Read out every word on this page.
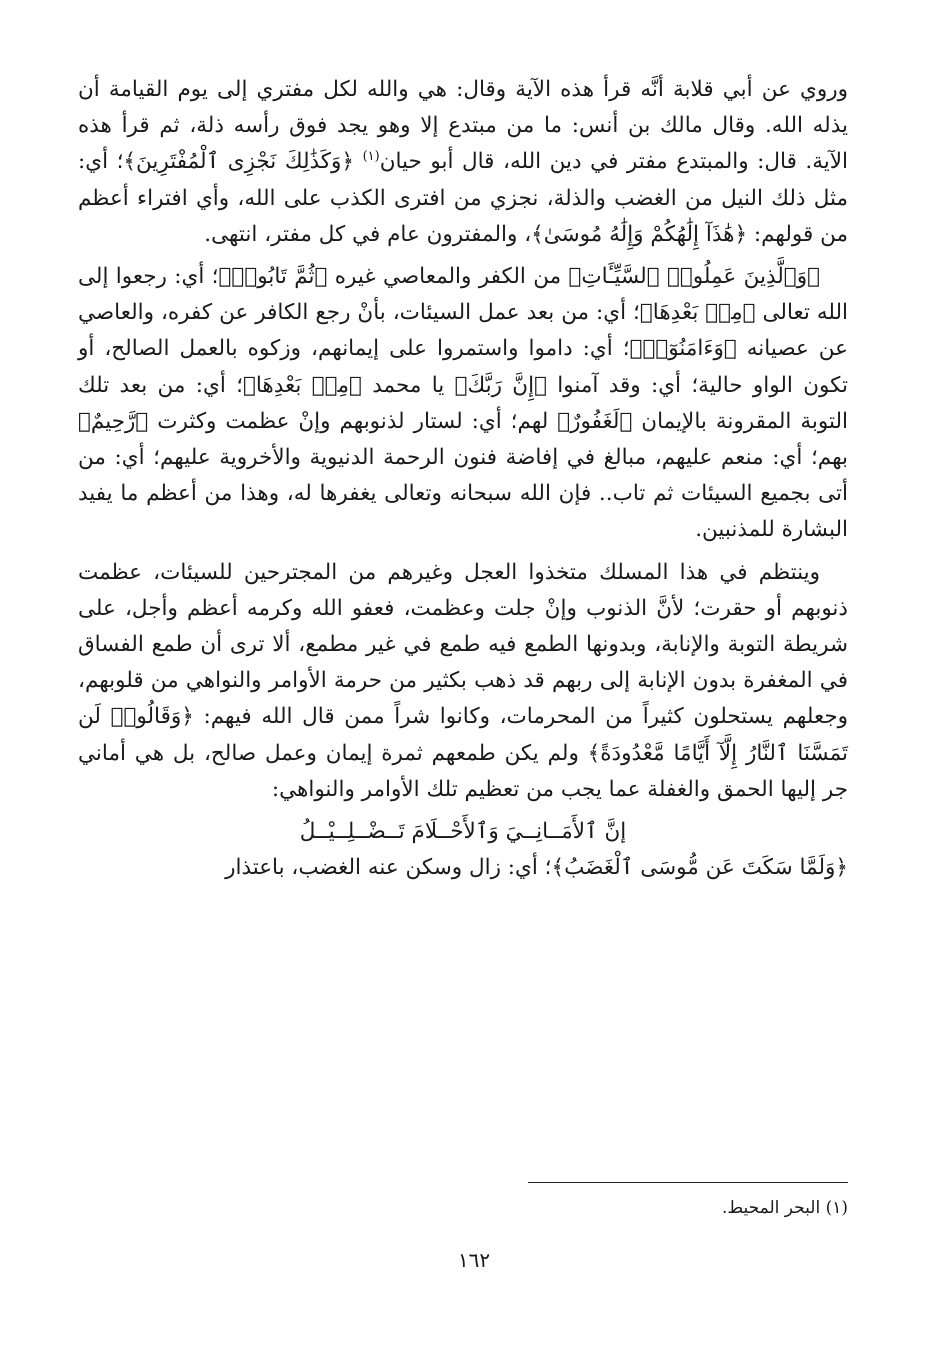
وروي عن أبي قلابة أنَّه قرأ هذه الآية وقال: هي والله لكل مفتري إلى يوم القيامة أن يذله الله. وقال مالك بن أنس: ما من مبتدع إلا وهو يجد فوق رأسه ذلة، ثم قرأ هذه الآية. قال: والمبتدع مفتر في دين الله، قال أبو حيان$^{(١)}$ ﴿وَكَذَٰلِكَ نَجْزِى ٱلْمُفْتَرِينَ﴾؛ أي: مثل ذلك النيل من الغضب والذلة، نجزي من افترى الكذب على الله، وأي افتراء أعظم من قولهم: ﴿هَٰذَآ إِلَٰهُكُمْ وَإِلَٰهُ مُوسَىٰ﴾، والمفترون عام في كل مفتر، انتهى.

﴿وَٱلَّذِينَ عَمِلُوا۟ ٱلسَّيِّـَٔاتِ﴾ من الكفر والمعاصي غيره ﴿ثُمَّ تَابُوا۟﴾؛ أي: رجعوا إلى الله تعالى ﴿مِنۢ بَعْدِهَا﴾؛ أي: من بعد عمل السيئات، بأنْ رجع الكافر عن كفره، والعاصي عن عصيانه ﴿وَءَامَنُوٓا۟﴾؛ أي: داموا واستمروا على إيمانهم، وزكوه بالعمل الصالح، أو تكون الواو حالية؛ أي: وقد آمنوا ﴿إِنَّ رَبَّكَ﴾ يا محمد ﴿مِنۢ بَعْدِهَا﴾؛ أي: من بعد تلك التوبة المقرونة بالإيمان ﴿لَغَفُورٌ﴾ لهم؛ أي: لستار لذنوبهم وإنْ عظمت وكثرت ﴿رَّحِيمٌ﴾ بهم؛ أي: منعم عليهم، مبالغ في إفاضة فنون الرحمة الدنيوية والأخروية عليهم؛ أي: من أتى بجميع السيئات ثم تاب.. فإن الله سبحانه وتعالى يغفرها له، وهذا من أعظم ما يفيد البشارة للمذنبين.

وينتظم في هذا المسلك متخذوا العجل وغيرهم من المجترحين للسيئات، عظمت ذنوبهم أو حقرت؛ لأنَّ الذنوب وإنْ جلت وعظمت، فعفو الله وكرمه أعظم وأجل، على شريطة التوبة والإنابة، وبدونها الطمع فيه طمع في غير مطمع، ألا ترى أن طمع الفساق في المغفرة بدون الإنابة إلى ربهم قد ذهب بكثير من حرمة الأوامر والنواهي من قلوبهم، وجعلهم يستحلون كثيراً من المحرمات، وكانوا شراً ممن قال الله فيهم: ﴿وَقَالُوا۟ لَن تَمَسَّنَا ٱلنَّارُ إِلَّآ أَيَّامًا مَّعْدُودَةً﴾ ولم يكن طمعهم ثمرة إيمان وعمل صالح، بل هي أماني جر إليها الحمق والغفلة عما يجب من تعظيم تلك الأوامر والنواهي:

إنَّ ٱلأَمَــانِــيَ وَٱلأَحْــلَامَ تَــضْــلِــيْــلُ

﴿وَلَمَّا سَكَتَ عَن مُّوسَى ٱلْغَضَبُ﴾؛ أي: زال وسكن عنه الغضب، باعتذار

(١) البحر المحيط.
١٦٢
